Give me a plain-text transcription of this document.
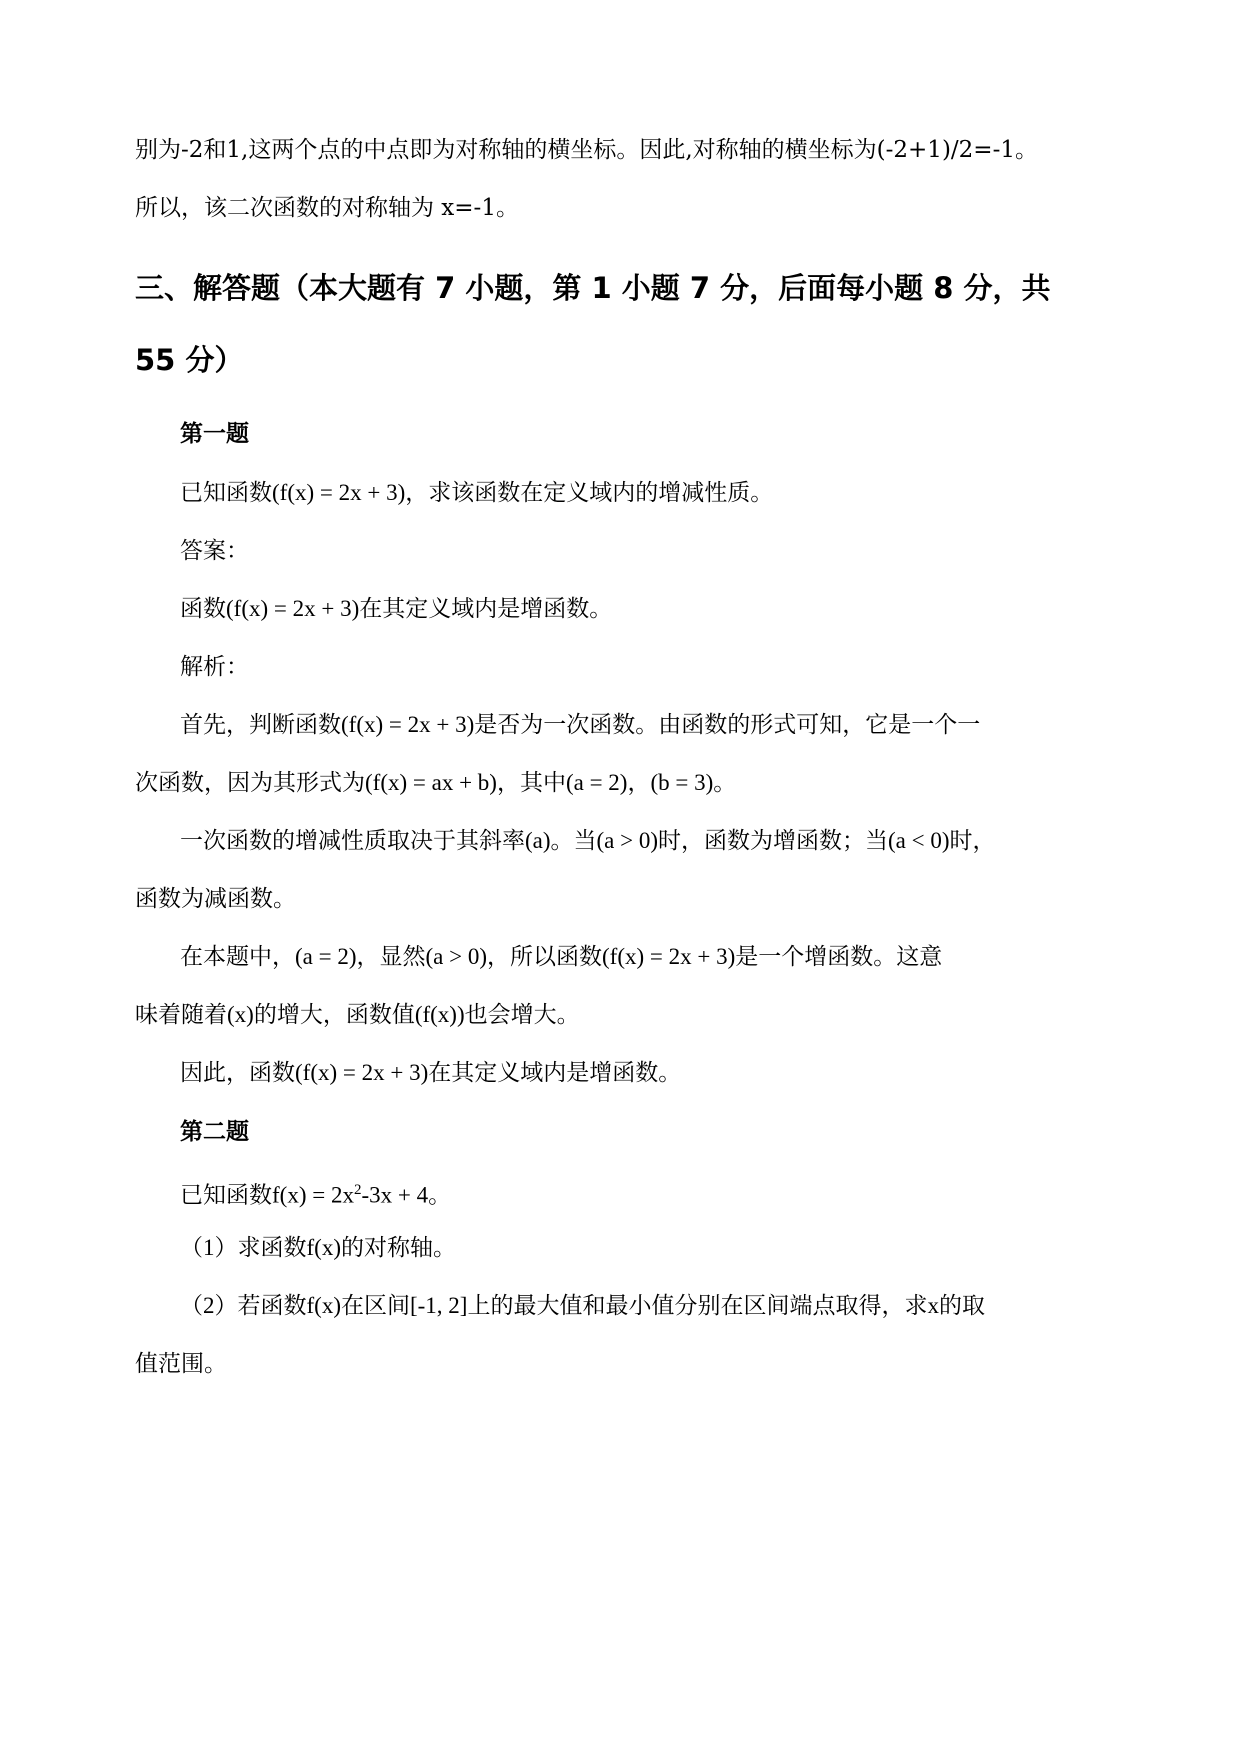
别为-2和1,这两个点的中点即为对称轴的横坐标。因此,对称轴的横坐标为(-2+1)/2=-1。
所以，该二次函数的对称轴为 x=-1。
三、解答题（本大题有 7 小题，第 1 小题 7 分，后面每小题 8 分，共
55 分）
第一题
已知函数(f(x) = 2x + 3)，求该函数在定义域内的增减性质。
答案：
函数(f(x) = 2x + 3)在其定义域内是增函数。
解析：
首先，判断函数(f(x) = 2x + 3)是否为一次函数。由函数的形式可知，它是一个一
次函数，因为其形式为(f(x) = ax + b)，其中(a = 2)，(b = 3)。
一次函数的增减性质取决于其斜率(a)。当(a > 0)时，函数为增函数；当(a < 0)时，
函数为减函数。
在本题中，(a = 2)，显然(a > 0)，所以函数(f(x) = 2x + 3)是一个增函数。这意
味着随着(x)的增大，函数值(f(x))也会增大。
因此，函数(f(x) = 2x + 3)在其定义域内是增函数。
第二题
已知函数$f(x) = 2x^2-3x + 4$。
（1）求函数f(x)的对称轴。
（2）若函数f(x)在区间[-1, 2]上的最大值和最小值分别在区间端点取得，求x的取
值范围。
